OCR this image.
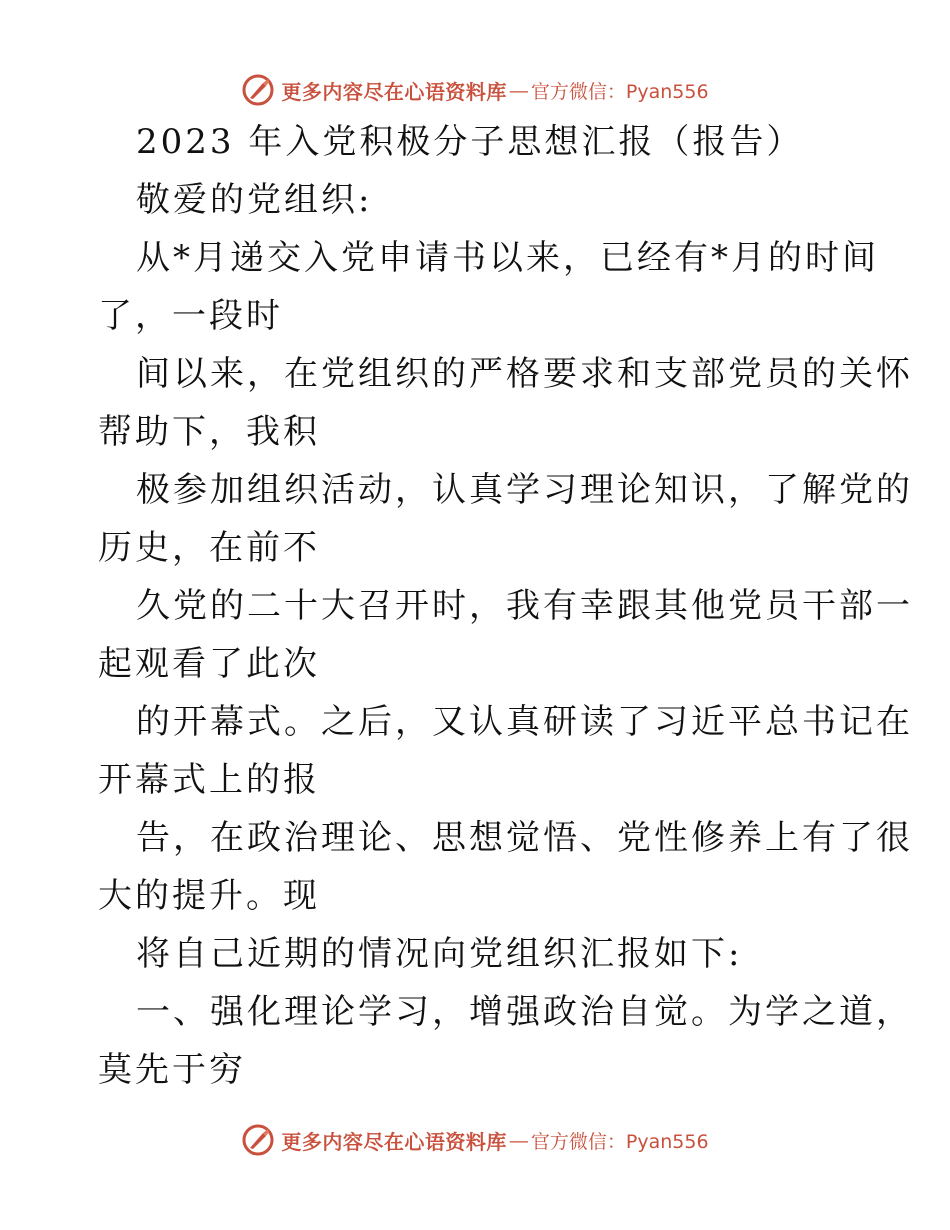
更多内容尽在心语资料库 — 官方微信：Pyan556
2023 年入党积极分子思想汇报（报告）
敬爱的党组织:
从*月递交入党申请书以来，已经有*月的时间
了，一段时
间以来，在党组织的严格要求和支部党员的关怀
帮助下，我积
极参加组织活动，认真学习理论知识，了解党的
历史，在前不
久党的二十大召开时，我有幸跟其他党员干部一
起观看了此次
的开幕式。之后，又认真研读了习近平总书记在
开幕式上的报
告，在政治理论、思想觉悟、党性修养上有了很
大的提升。现
将自己近期的情况向党组织汇报如下:
一、强化理论学习，增强政治自觉。为学之道，
莫先于穷
更多内容尽在心语资料库 — 官方微信：Pyan556
